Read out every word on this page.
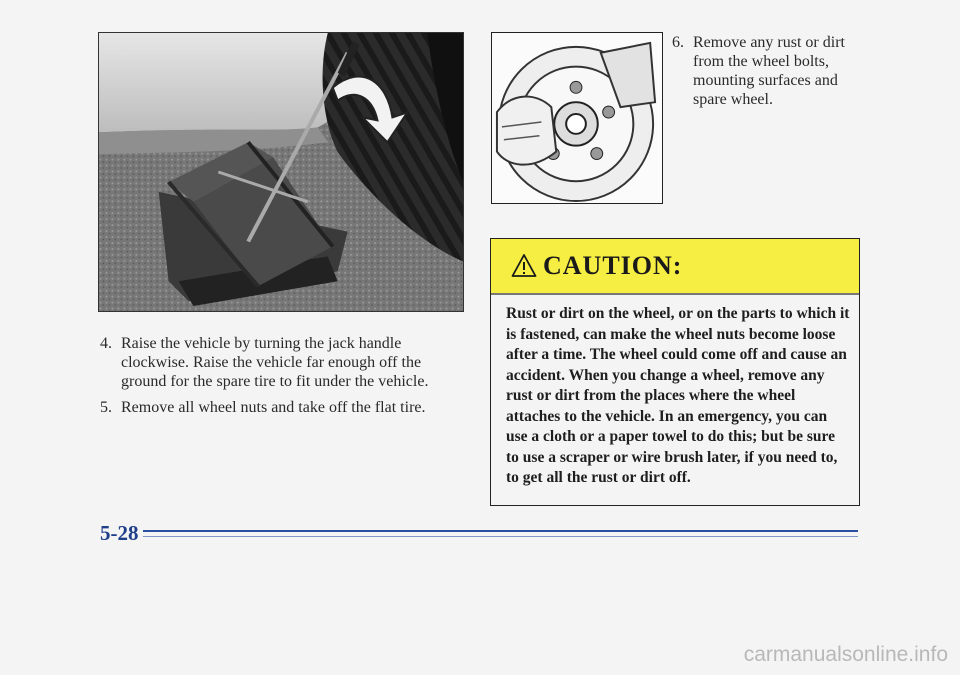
6. Remove any rust or dirt from the wheel bolts, mounting surfaces and spare wheel.
4. Raise the vehicle by turning the jack handle clockwise. Raise the vehicle far enough off the ground for the spare tire to fit under the vehicle.
5. Remove all wheel nuts and take off the flat tire.
CAUTION:
Rust or dirt on the wheel, or on the parts to which it is fastened, can make the wheel nuts become loose after a time. The wheel could come off and cause an accident. When you change a wheel, remove any rust or dirt from the places where the wheel attaches to the vehicle. In an emergency, you can use a cloth or a paper towel to do this; but be sure to use a scraper or wire brush later, if you need to, to get all the rust or dirt off.
5-28
carmanualsonline.info
